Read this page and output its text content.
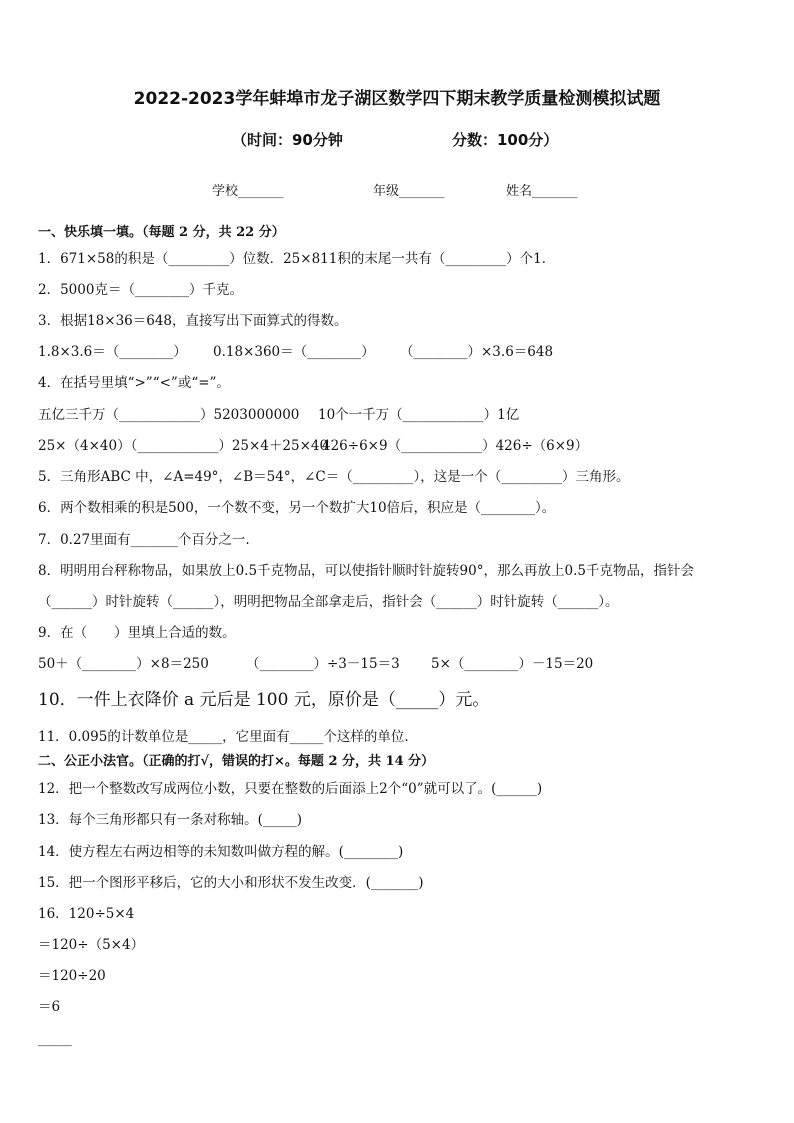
2022-2023学年蚌埠市龙子湖区数学四下期末教学质量检测模拟试题
（时间：90分钟	分数：100分）
学校_______	年级_______	姓名_______
一、快乐填一填。（每题 2 分，共 22 分）
1．671×58的积是（_________）位数．25×811积的末尾一共有（_________）个1．
2．5000克＝（________）千克。
3．根据18×36＝648，直接写出下面算式的得数。
1.8×3.6＝（________） 0.18×360＝（________） （________）×3.6＝648
4．在括号里填“>”“<”或“=”。
五亿三千万（____________）5203000000 10个一千万（____________）1亿
25×（4×40）（____________）25×4＋25×40
426÷6×9（____________）426÷（6×9）
5．三角形ABC 中，∠A=49°，∠B＝54°，∠C＝（_________），这是一个（_________）三角形。
6．两个数相乘的积是500，一个数不变，另一个数扩大10倍后，积应是（________）。
7．0.27里面有_______个百分之一.
8．明明用台秤称物品，如果放上0.5千克物品，可以使指针顺时针旋转90°，那么再放上0.5千克物品，指针会
（______）时针旋转（______），明明把物品全部拿走后，指针会（______）时针旋转（______）。
9．在（　　）里填上合适的数。
50＋（________）×8＝250	（________）÷3－15＝3 5×（________）－15＝20
10．一件上衣降价 a 元后是 100 元，原价是（_____）元。
11．0.095的计数单位是_____，它里面有_____个这样的单位.
二、公正小法官。（正确的打√，错误的打×。每题 2 分，共 14 分）
12．把一个整数改写成两位小数，只要在整数的后面添上2个“0”就可以了。(______)
13．每个三角形都只有一条对称轴。(_____)
14．使方程左右两边相等的未知数叫做方程的解。(________)
15．把一个图形平移后，它的大小和形状不发生改变．(_______)
16．120÷5×4
＝120÷（5×4）
＝120÷20
＝6
_____
